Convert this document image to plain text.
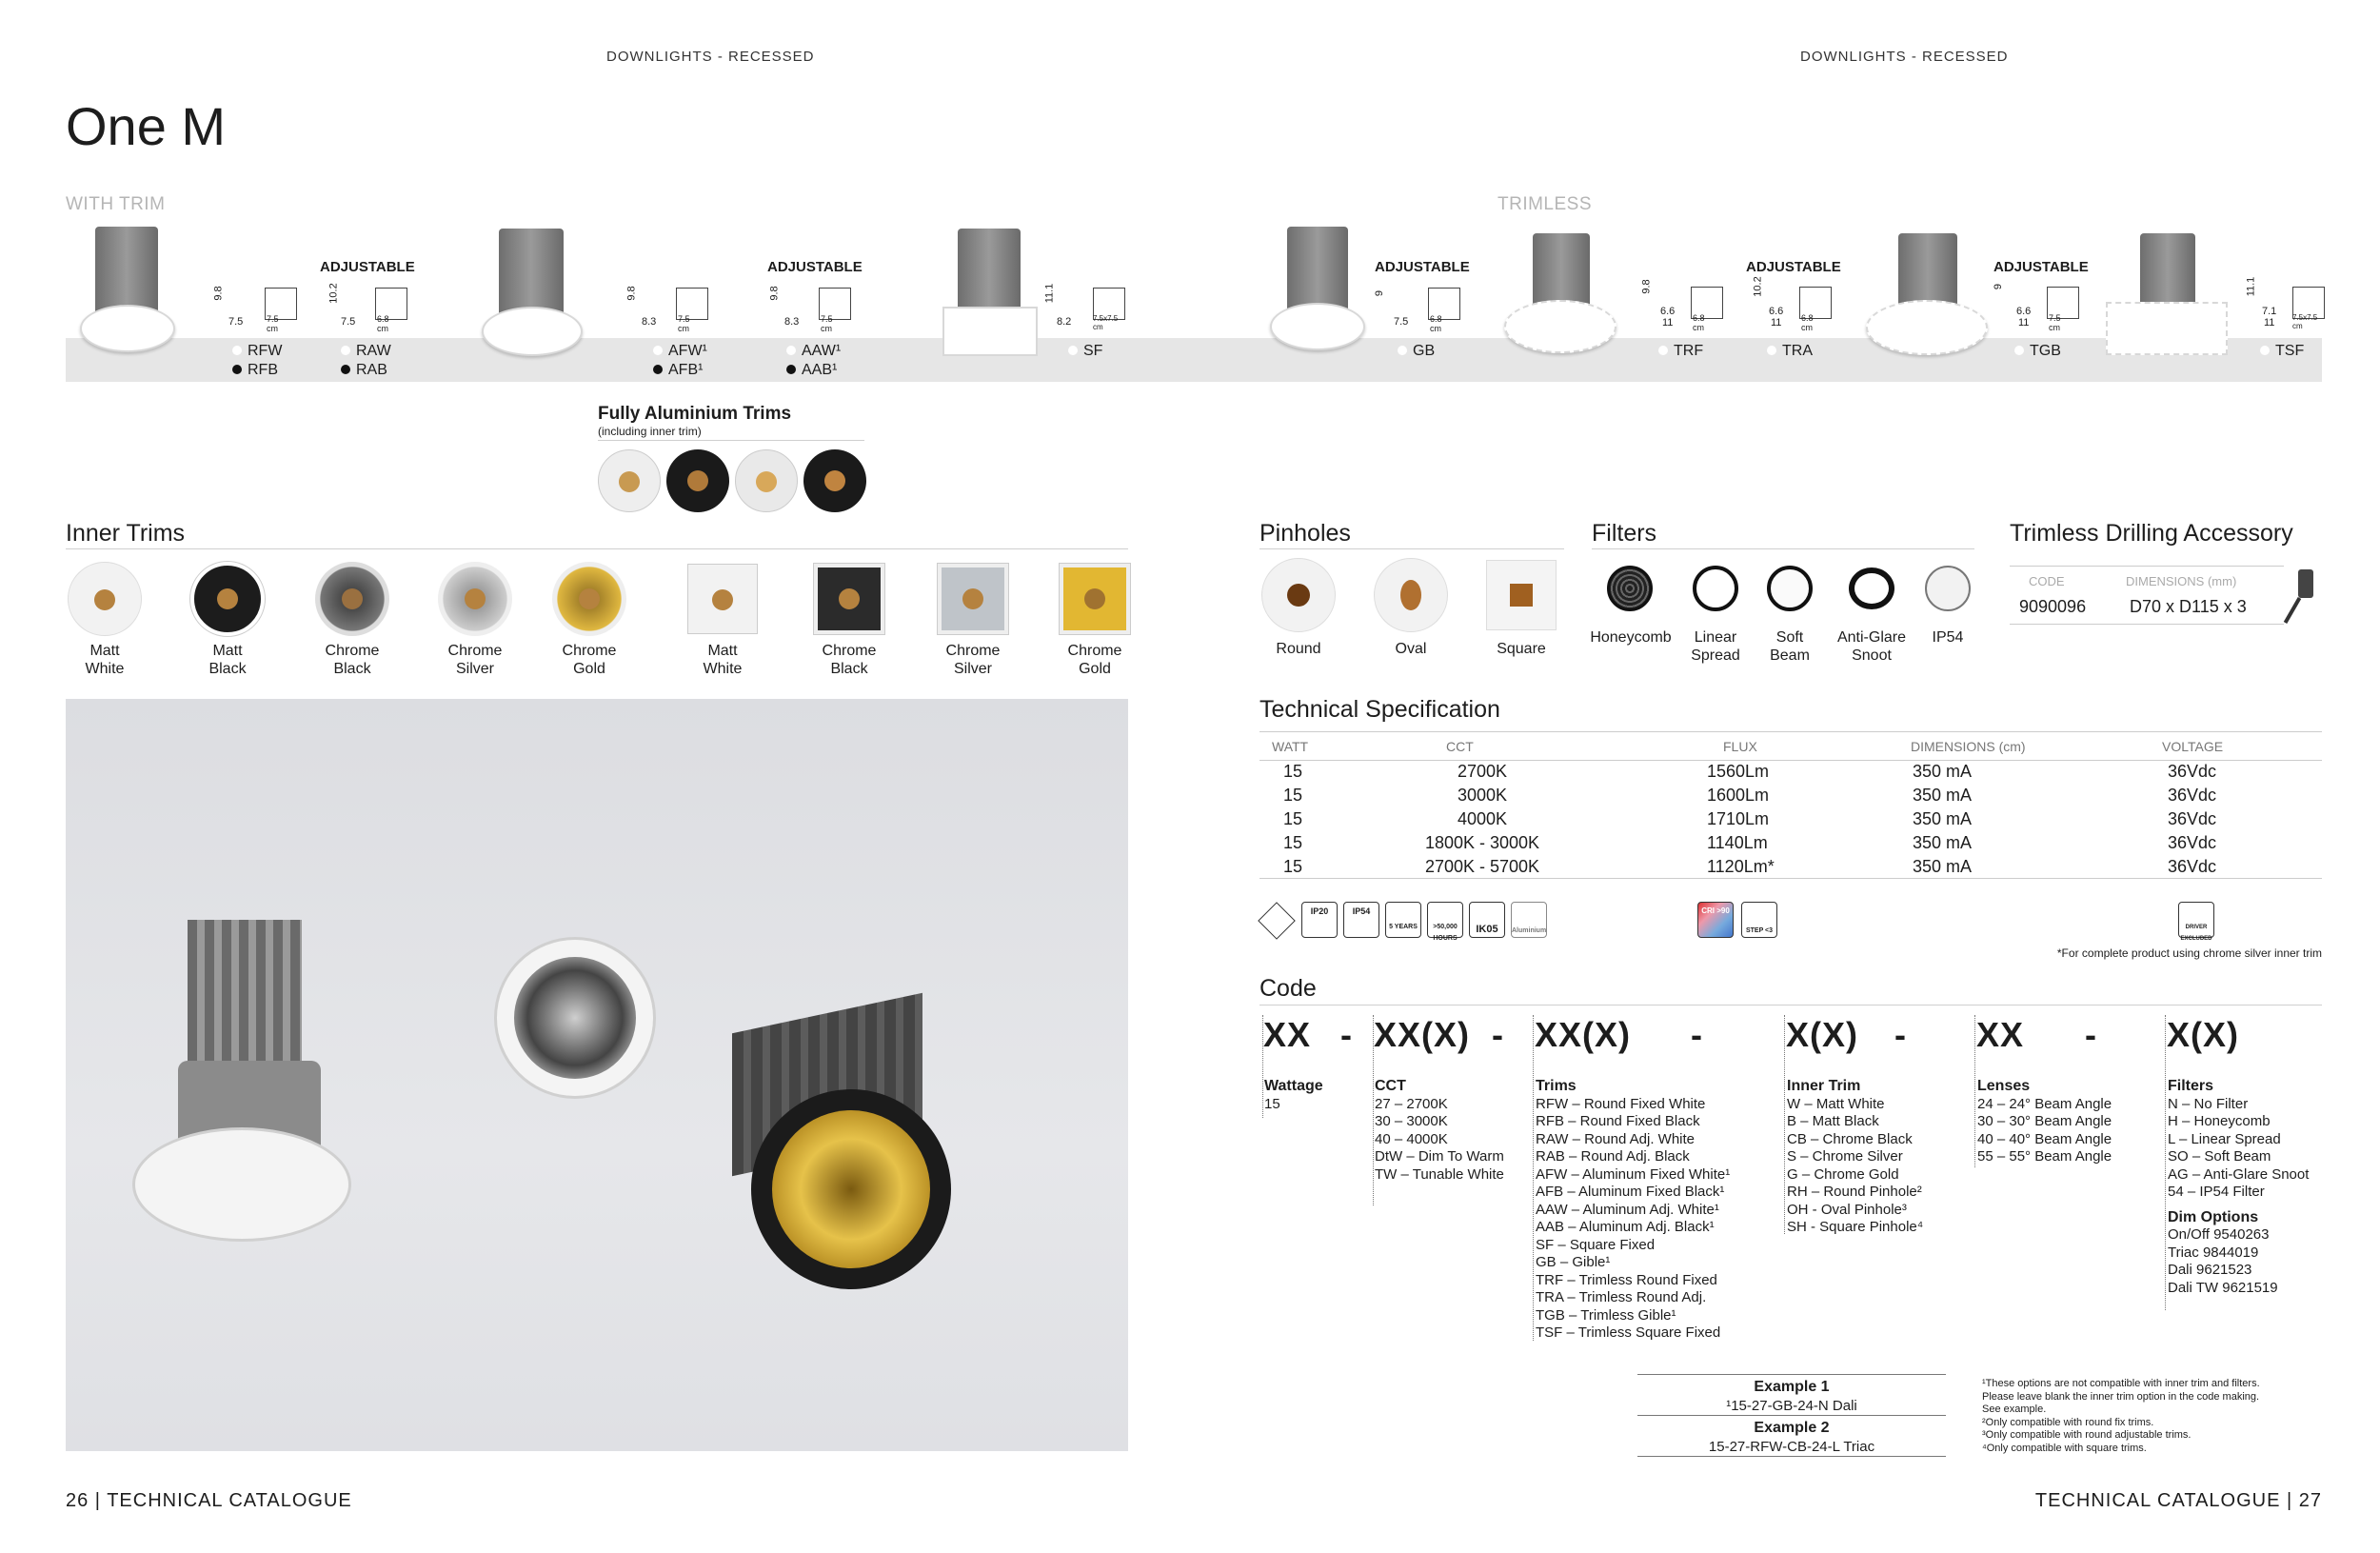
DOWNLIGHTS - RECESSED	DOWNLIGHTS - RECESSED
One M
WITH TRIM	TRIMLESS
9.8
7.5	7.5 cm
ADJUSTABLE
10.2
7.5	6.8 cm
9.8
8.3	7.5 cm
ADJUSTABLE
9.8
8.3	7.5 cm
11.1
8.2	7.5x7.5 cm
RFW
RFB
RAW
RAB
AFW¹
AFB¹
AAW¹
AAB¹
SF
ADJUSTABLE
9
7.5	6.8 cm
9.8
6.6
11 6.8 cm
ADJUSTABLE
10.2
6.6
11 6.8 cm
ADJUSTABLE
9
6.6
11 7.5 cm
11.1
7.1
11 7.5x7.5 cm
GB	TRF	TRA	TGB	TSF
Fully Aluminium Trims
(including inner trim)
Inner Trims
Matt
White
Matt
Black
Chrome
Black
Chrome
Silver
Chrome
Gold
Matt
White
Chrome
Black
Chrome
Silver
Chrome
Gold
Pinholes
Round	Oval	Square
Filters
Honeycomb	Linear
Spread
Soft
Beam
Anti-Glare
Snoot
IP54
Trimless Drilling Accessory
CODE	DIMENSIONS (mm)
9090096	D70 x D115 x 3
Technical Specification
WATT	CCT	FLUX	DIMENSIONS (cm)	VOLTAGE
15	2700K	1560Lm	350 mA	36Vdc
15	3000K	1600Lm	350 mA	36Vdc
15	4000K	1710Lm	350 mA	36Vdc
15	1800K - 3000K	1140Lm	350 mA	36Vdc
15	2700K - 5700K	1120Lm*	350 mA	36Vdc
IP20	IP54
5 YEARS	>50,000 HOURS
IK05	Aluminium
CRI >90
STEP <3	DRIVER EXCLUDED
*For complete product using chrome silver inner trim
Code
XX - XX(X) - XX(X) - X(X) - XX - X(X)
Wattage
15
CCT
27 – 2700K
30 – 3000K
40 – 4000K
DtW – Dim To Warm
TW – Tunable White
Trims
RFW – Round Fixed White
RFB – Round Fixed Black
RAW – Round Adj. White
RAB – Round Adj. Black
AFW – Aluminum Fixed White¹
AFB – Aluminum Fixed Black¹
AAW – Aluminum Adj. White¹
AAB – Aluminum Adj. Black¹
SF – Square Fixed
GB – Gible¹
TRF – Trimless Round Fixed
TRA – Trimless Round Adj.
TGB – Trimless Gible¹
TSF – Trimless Square Fixed
Inner Trim
W – Matt White
B – Matt Black
CB – Chrome Black
S – Chrome Silver
G – Chrome Gold
RH – Round Pinhole²
OH - Oval Pinhole³
SH - Square Pinhole⁴
Lenses
24 – 24° Beam Angle
30 – 30° Beam Angle
40 – 40° Beam Angle
55 – 55° Beam Angle
Filters
N – No Filter
H – Honeycomb
L – Linear Spread
SO – Soft Beam
AG – Anti-Glare Snoot
54 – IP54 Filter
Dim Options
On/Off 9540263
Triac 9844019
Dali 9621523
Dali TW 9621519
Example 1
¹15-27-GB-24-N Dali
Example 2
15-27-RFW-CB-24-L Triac
¹These options are not compatible with inner trim and filters.
Please leave blank the inner trim option in the code making.
See example.
²Only compatible with round fix trims.
³Only compatible with round adjustable trims.
⁴Only compatible with square trims.
26 | TECHNICAL CATALOGUE	TECHNICAL CATALOGUE | 27
